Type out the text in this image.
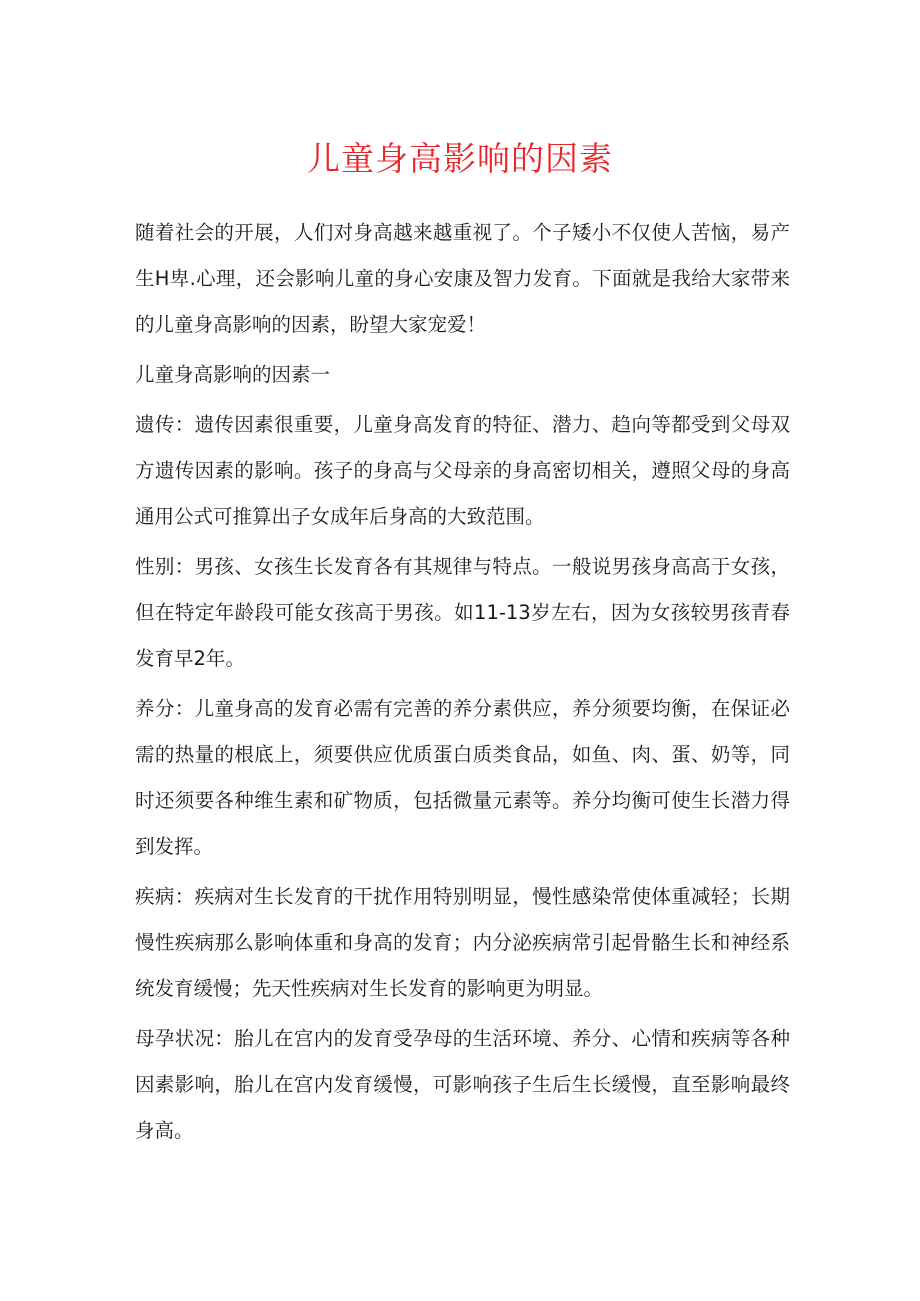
儿童身高影响的因素

随着社会的开展，人们对身高越来越重视了。个子矮小不仅使人苦恼，易产生H卑.心理，还会影响儿童的身心安康及智力发育。下面就是我给大家带来的儿童身高影响的因素，盼望大家宠爱！

儿童身高影响的因素一

遗传：遗传因素很重要，儿童身高发育的特征、潜力、趋向等都受到父母双方遗传因素的影响。孩子的身高与父母亲的身高密切相关，遵照父母的身高通用公式可推算出子女成年后身高的大致范围。

性别：男孩、女孩生长发育各有其规律与特点。一般说男孩身高高于女孩，但在特定年龄段可能女孩高于男孩。如11-13岁左右，因为女孩较男孩青春发育早2年。

养分：儿童身高的发育必需有完善的养分素供应，养分须要均衡，在保证必需的热量的根底上，须要供应优质蛋白质类食品，如鱼、肉、蛋、奶等，同时还须要各种维生素和矿物质，包括微量元素等。养分均衡可使生长潜力得到发挥。

疾病：疾病对生长发育的干扰作用特别明显，慢性感染常使体重减轻；长期慢性疾病那么影响体重和身高的发育；内分泌疾病常引起骨骼生长和神经系统发育缓慢；先天性疾病对生长发育的影响更为明显。

母孕状况：胎儿在宫内的发育受孕母的生活环境、养分、心情和疾病等各种因素影响，胎儿在宫内发育缓慢，可影响孩子生后生长缓慢，直至影响最终身高。
